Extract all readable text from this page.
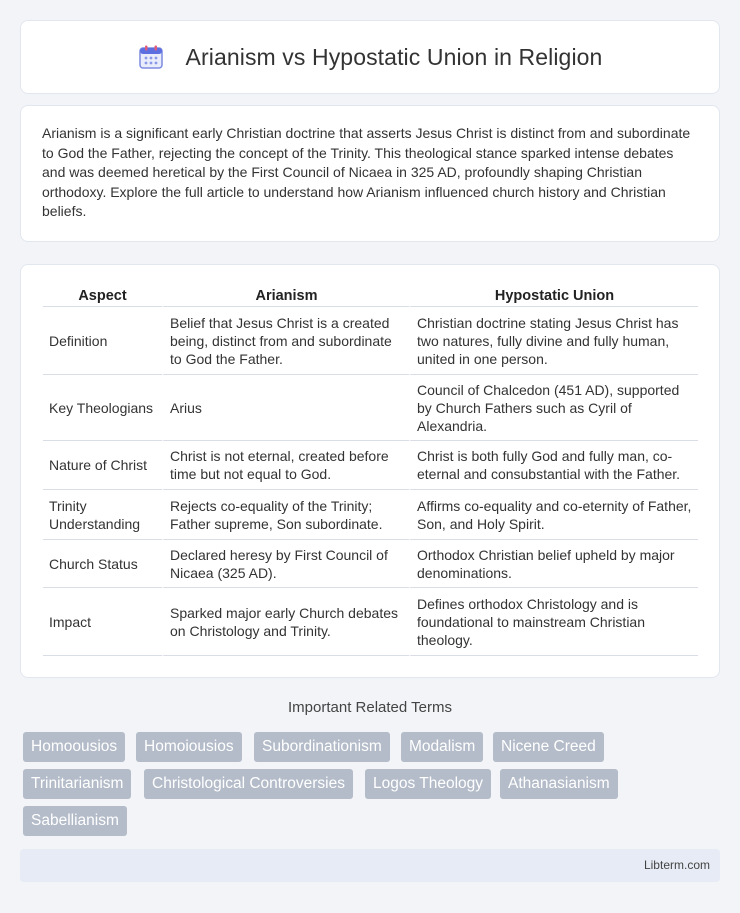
Arianism vs Hypostatic Union in Religion

Arianism is a significant early Christian doctrine that asserts Jesus Christ is distinct from and subordinate to God the Father, rejecting the concept of the Trinity. This theological stance sparked intense debates and was deemed heretical by the First Council of Nicaea in 325 AD, profoundly shaping Christian orthodoxy. Explore the full article to understand how Arianism influenced church history and Christian beliefs.

Aspect	Arianism	Hypostatic Union
Definition	Belief that Jesus Christ is a created being, distinct from and subordinate to God the Father.	Christian doctrine stating Jesus Christ has two natures, fully divine and fully human, united in one person.
Key Theologians	Arius	Council of Chalcedon (451 AD), supported by Church Fathers such as Cyril of Alexandria.
Nature of Christ	Christ is not eternal, created before time but not equal to God.	Christ is both fully God and fully man, co-eternal and consubstantial with the Father.
Trinity Understanding	Rejects co-equality of the Trinity; Father supreme, Son subordinate.	Affirms co-equality and co-eternity of Father, Son, and Holy Spirit.
Church Status	Declared heresy by First Council of Nicaea (325 AD).	Orthodox Christian belief upheld by major denominations.
Impact	Sparked major early Church debates on Christology and Trinity.	Defines orthodox Christology and is foundational to mainstream Christian theology.
Important Related Terms
Homoousios	Homoiousios	Subordinationism	Modalism	Nicene Creed
Trinitarianism	Christological Controversies	Logos Theology	Athanasianism
Sabellianism
Libterm.com
